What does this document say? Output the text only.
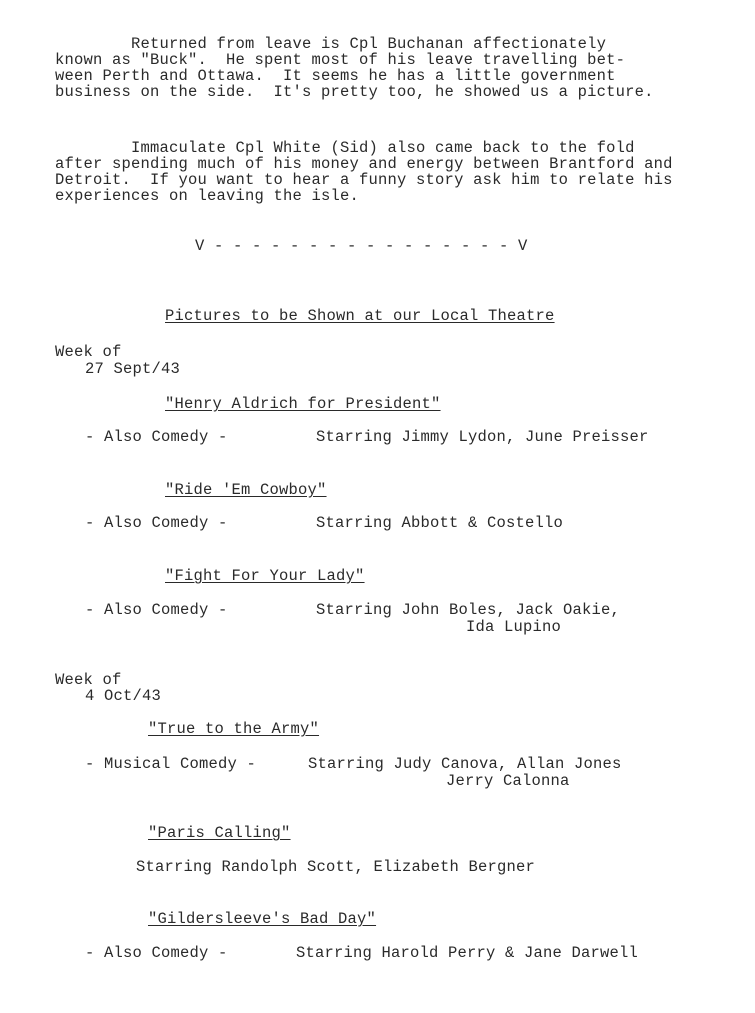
Returned from leave is Cpl Buchanan affectionately
known as "Buck".  He spent most of his leave travelling bet-
ween Perth and Ottawa.  It seems he has a little government
business on the side.  It's pretty too, he showed us a picture.
Immaculate Cpl White (Sid) also came back to the fold
after spending much of his money and energy between Brantford and
Detroit.  If you want to hear a funny story ask him to relate his
experiences on leaving the isle.
V - - - - - - - - - - - - - - - - V
Pictures to be Shown at our Local Theatre
Week of
27 Sept/43
"Henry Aldrich for President"
- Also Comedy -	Starring Jimmy Lydon, June Preisser
"Ride 'Em Cowboy"
- Also Comedy -	Starring Abbott & Costello
"Fight For Your Lady"
- Also Comedy -	Starring John Boles, Jack Oakie,
Ida Lupino
Week of
4 Oct/43
"True to the Army"
- Musical Comedy -	Starring Judy Canova, Allan Jones
Jerry Calonna
"Paris Calling"
Starring Randolph Scott, Elizabeth Bergner
"Gildersleeve's Bad Day"
- Also Comedy -	Starring Harold Perry & Jane Darwell
